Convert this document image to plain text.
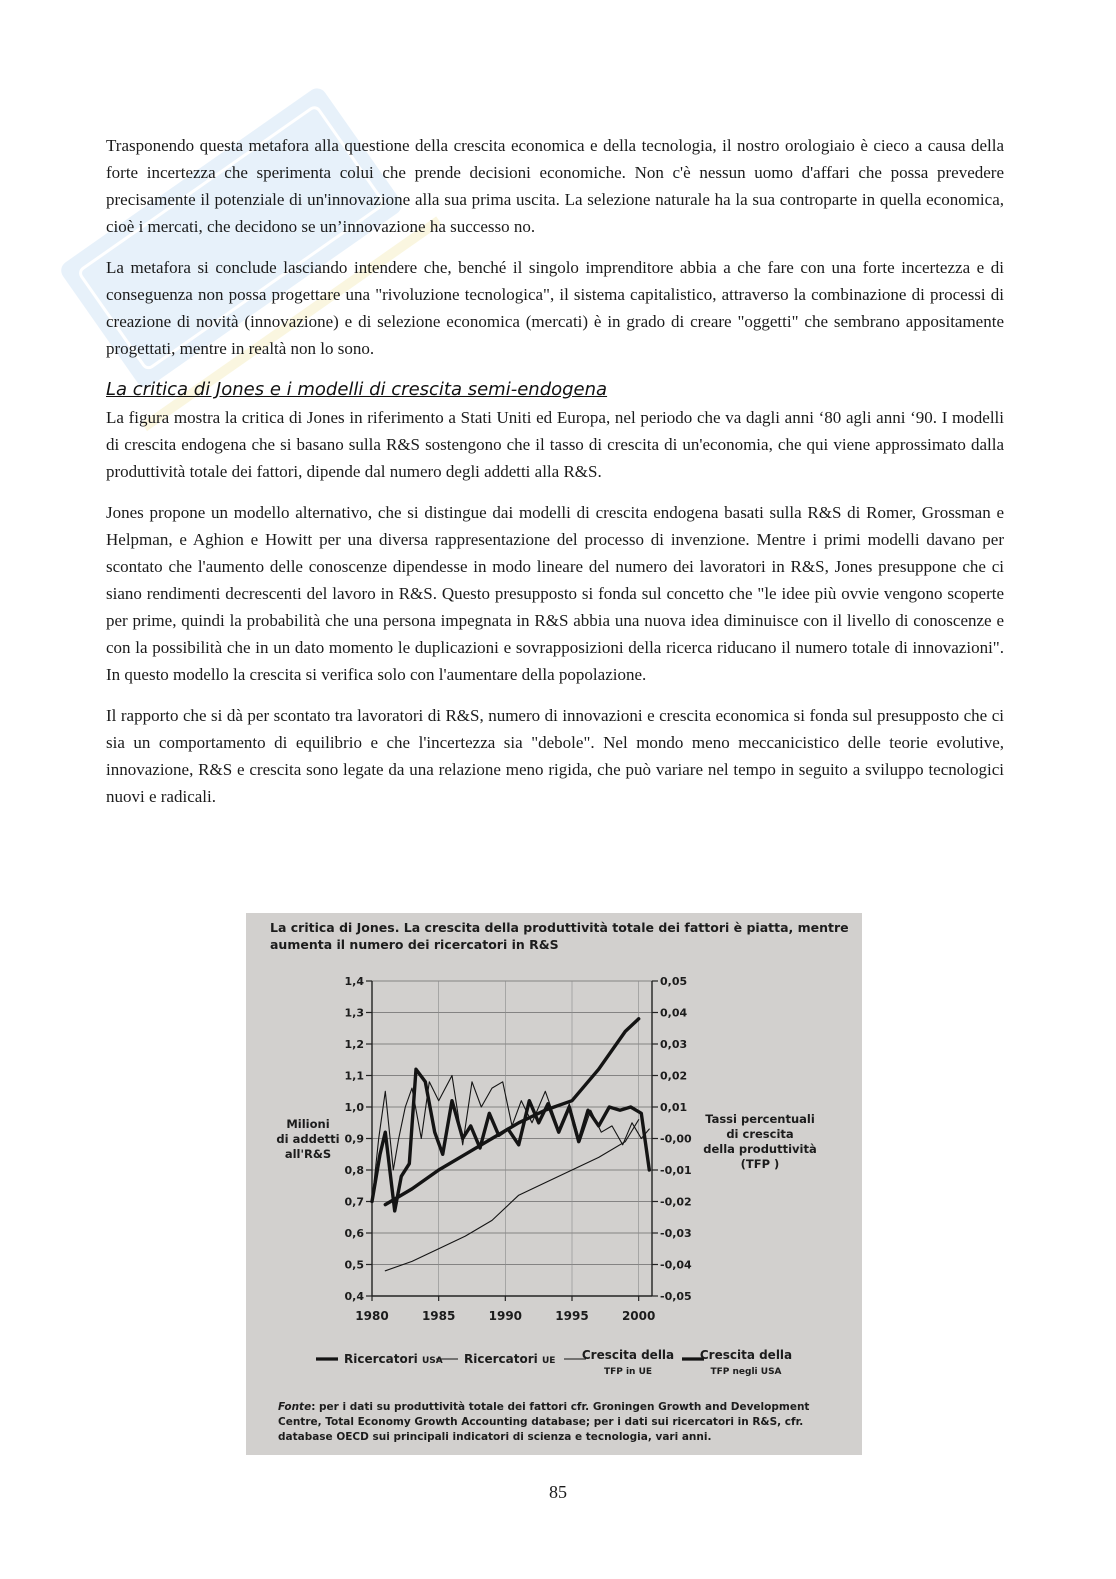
Trasponendo questa metafora alla questione della crescita economica e della tecnologia, il nostro orologiaio è cieco a causa della forte incertezza che sperimenta colui che prende decisioni economiche. Non c'è nessun uomo d'affari che possa prevedere precisamente il potenziale di un'innovazione alla sua prima uscita. La selezione naturale ha la sua controparte in quella economica, cioè i mercati, che decidono se un’innovazione ha successo no.

La metafora si conclude lasciando intendere che, benché il singolo imprenditore abbia a che fare con una forte incertezza e di conseguenza non possa progettare una "rivoluzione tecnologica", il sistema capitalistico, attraverso la combinazione di processi di creazione di novità (innovazione) e di selezione economica (mercati) è in grado di creare "oggetti" che sembrano appositamente progettati, mentre in realtà non lo sono.

La critica di Jones e i modelli di crescita semi-endogena

La figura mostra la critica di Jones in riferimento a Stati Uniti ed Europa, nel periodo che va dagli anni ‘80 agli anni ‘90. I modelli di crescita endogena che si basano sulla R&S sostengono che il tasso di crescita di un'economia, che qui viene approssimato dalla produttività totale dei fattori, dipende dal numero degli addetti alla R&S.

Jones propone un modello alternativo, che si distingue dai modelli di crescita endogena basati sulla R&S di Romer, Grossman e Helpman, e Aghion e Howitt per una diversa rappresentazione del processo di invenzione. Mentre i primi modelli davano per scontato che l'aumento delle conoscenze dipendesse in modo lineare del numero dei lavoratori in R&S, Jones presuppone che ci siano rendimenti decrescenti del lavoro in R&S. Questo presupposto si fonda sul concetto che "le idee più ovvie vengono scoperte per prime, quindi la probabilità che una persona impegnata in R&S abbia una nuova idea diminuisce con il livello di conoscenze e con la possibilità che in un dato momento le duplicazioni e sovrapposizioni della ricerca riducano il numero totale di innovazioni". In questo modello la crescita si verifica solo con l'aumentare della popolazione.

Il rapporto che si dà per scontato tra lavoratori di R&S, numero di innovazioni e crescita economica si fonda sul presupposto che ci sia un comportamento di equilibrio e che l'incertezza sia "debole". Nel mondo meno meccanicistico delle teorie evolutive, innovazione, R&S e crescita sono legate da una relazione meno rigida, che può variare nel tempo in seguito a sviluppo tecnologici nuovi e radicali.

La critica di Jones. La crescita della produttività totale dei fattori è piatta, mentre aumenta il numero dei ricercatori in R&S
1,4
1,3
1,2
1,1
1,0
0,9
0,8
0,7
0,6
0,5
0,4
0,05
0,04
0,03
0,02
0,01
-0,00
-0,01
-0,02
-0,03
-0,04
-0,05
1980	1985	1990	1995	2000
Milioni
di addetti
all'R&S
Tassi percentuali
di crescita
della produttività
(TFP )
Ricercatori USA Ricercatori UE Crescita della
TFP in UE
Crescita della
TFP negli USA
Fonte: per i dati su produttività totale dei fattori cfr. Groningen Growth and Development Centre, Total Economy Growth Accounting database; per i dati sui ricercatori in R&S, cfr. database OECD sui principali indicatori di scienza e tecnologia, vari anni.
85
